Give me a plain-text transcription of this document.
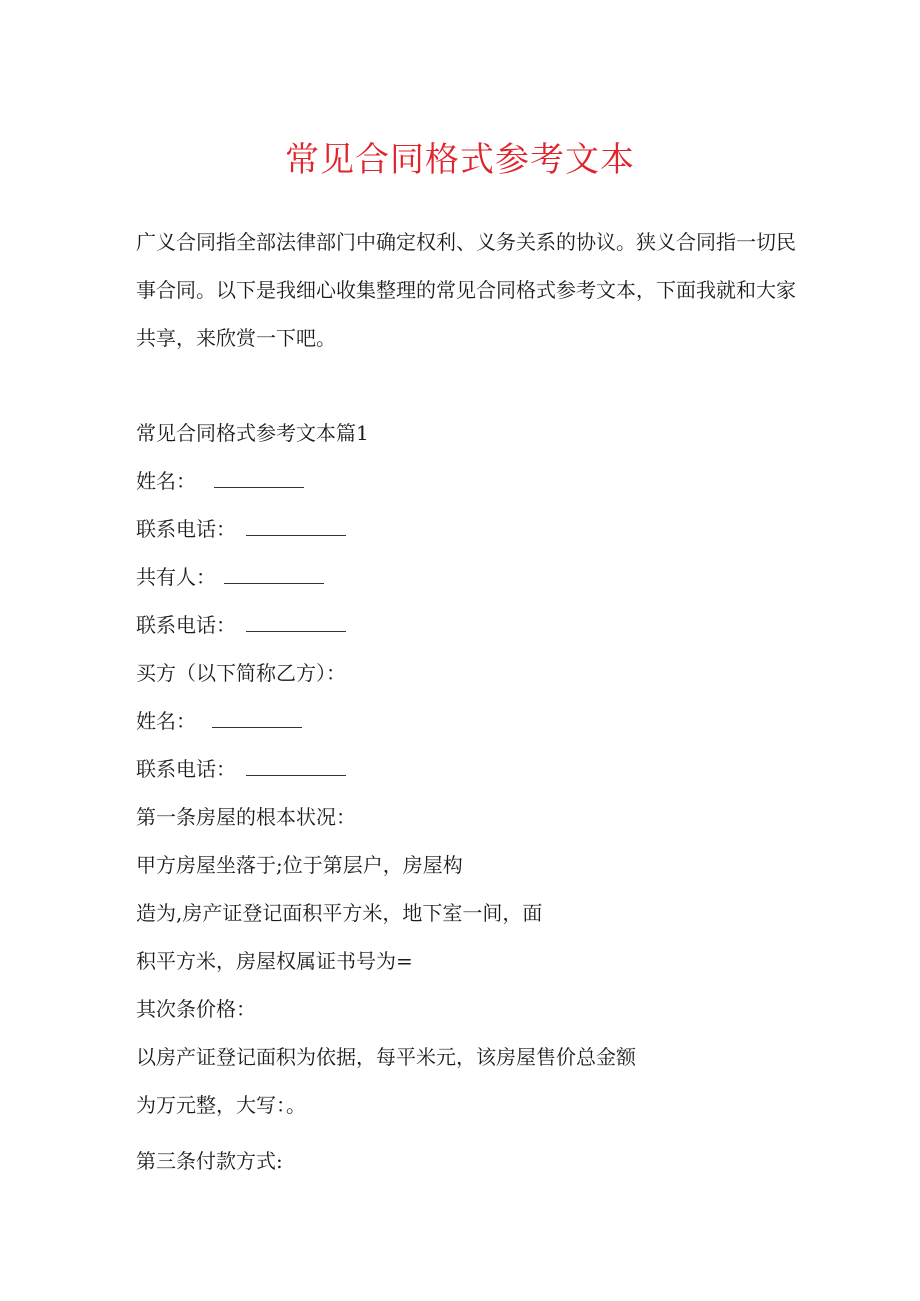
常见合同格式参考文本

广义合同指全部法律部门中确定权利、义务关系的协议。狭义合同指一切民事合同。以下是我细心收集整理的常见合同格式参考文本，下面我就和大家共享，来欣赏一下吧。

常见合同格式参考文本篇1
姓名：
联系电话：
共有人：
联系电话：
买方（以下简称乙方）：
姓名：
联系电话：
第一条房屋的根本状况：
甲方房屋坐落于;位于第层户，房屋构
造为,房产证登记面积平方米，地下室一间，面
积平方米，房屋权属证书号为=
其次条价格：
以房产证登记面积为依据，每平米元，该房屋售价总金额
为万元整，大写：。
第三条付款方式:
